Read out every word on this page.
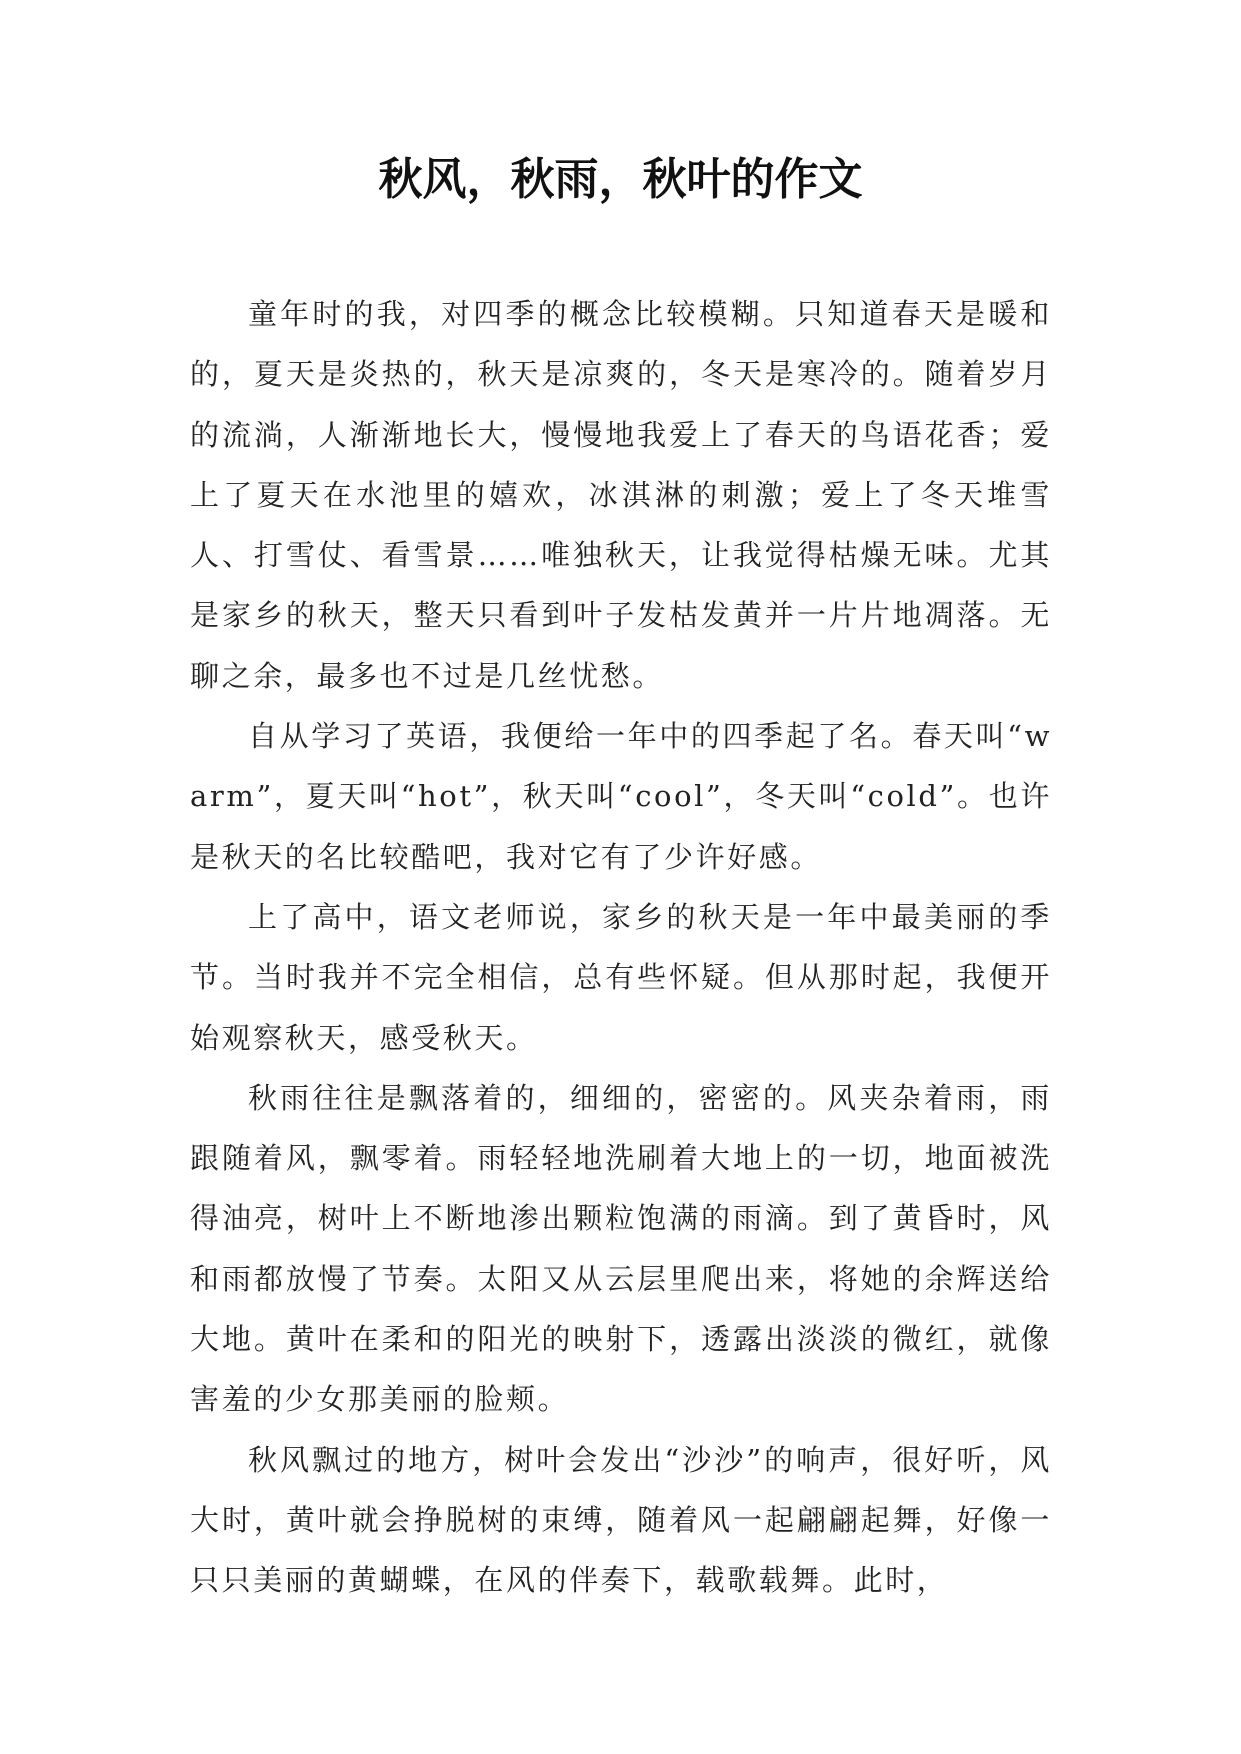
秋风，秋雨，秋叶的作文

童年时的我，对四季的概念比较模糊。只知道春天是暖和的，夏天是炎热的，秋天是凉爽的，冬天是寒冷的。随着岁月的流淌，人渐渐地长大，慢慢地我爱上了春天的鸟语花香；爱上了夏天在水池里的嬉欢，冰淇淋的刺激；爱上了冬天堆雪人、打雪仗、看雪景……唯独秋天，让我觉得枯燥无味。尤其是家乡的秋天，整天只看到叶子发枯发黄并一片片地凋落。无聊之余，最多也不过是几丝忧愁。

自从学习了英语，我便给一年中的四季起了名。春天叫“warm”，夏天叫“hot”，秋天叫“cool”，冬天叫“cold”。也许是秋天的名比较酷吧，我对它有了少许好感。

上了高中，语文老师说，家乡的秋天是一年中最美丽的季节。当时我并不完全相信，总有些怀疑。但从那时起，我便开始观察秋天，感受秋天。

秋雨往往是飘落着的，细细的，密密的。风夹杂着雨，雨跟随着风，飘零着。雨轻轻地洗刷着大地上的一切，地面被洗得油亮，树叶上不断地渗出颗粒饱满的雨滴。到了黄昏时，风和雨都放慢了节奏。太阳又从云层里爬出来，将她的余辉送给大地。黄叶在柔和的阳光的映射下，透露出淡淡的微红，就像害羞的少女那美丽的脸颊。

秋风飘过的地方，树叶会发出“沙沙”的响声，很好听，风大时，黄叶就会挣脱树的束缚，随着风一起翩翩起舞，好像一只只美丽的黄蝴蝶，在风的伴奏下，载歌载舞。此时，
